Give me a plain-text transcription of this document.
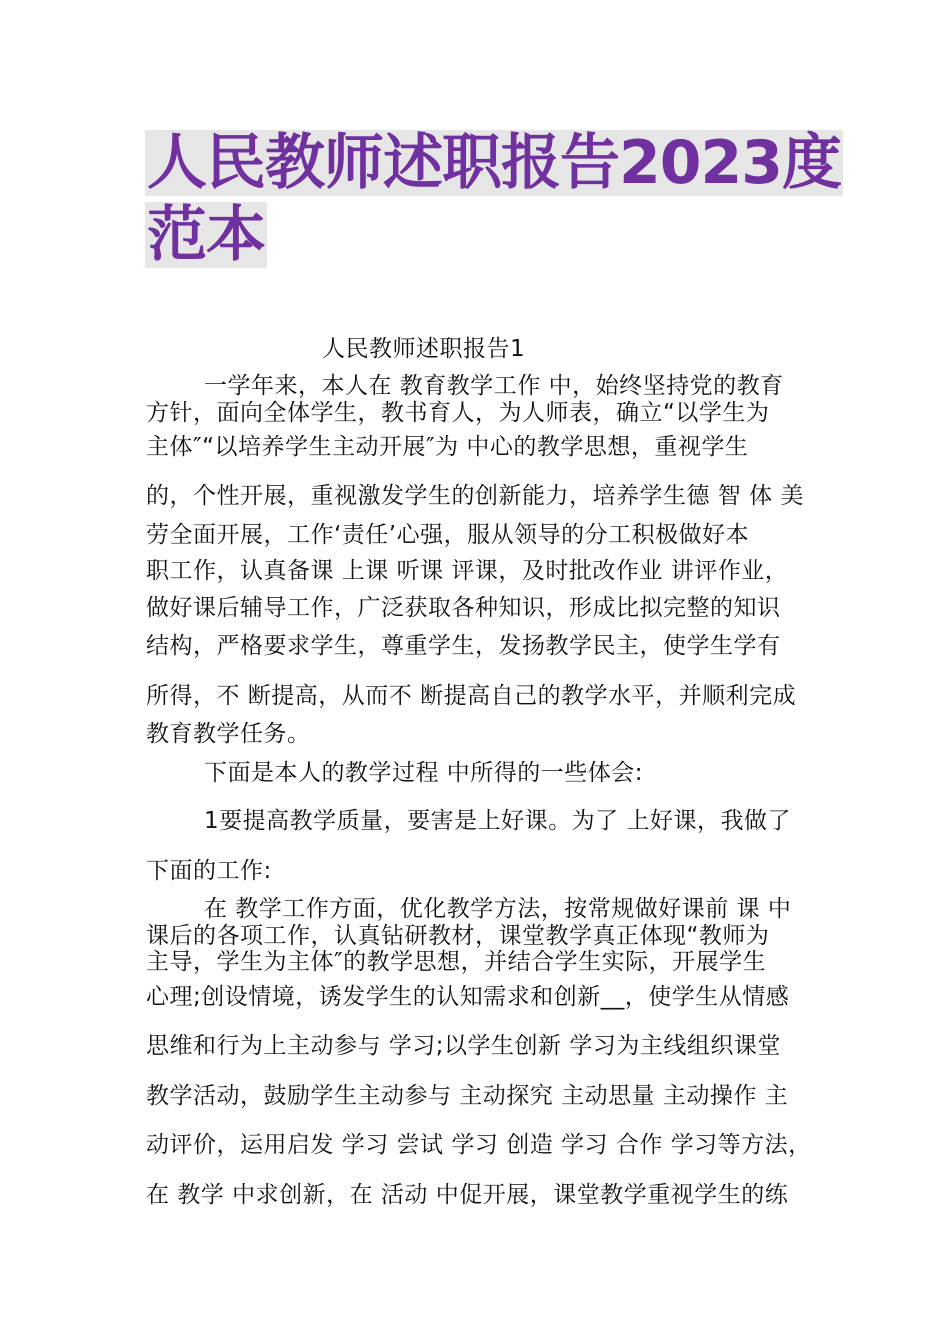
人民教师述职报告2023度
范本
人民教师述职报告1
一学年来，本人在 教育教学工作 中，始终坚持党的教育
方针，面向全体学生，教书育人，为人师表，确立“以学生为
主体″“以培养学生主动开展″为 中心的教学思想，重视学生
的，个性开展，重视激发学生的创新能力，培养学生德 智 体 美
劳全面开展，工作‘责任’心强，服从领导的分工积极做好本
职工作，认真备课 上课 听课 评课，及时批改作业 讲评作业，
做好课后辅导工作，广泛获取各种知识，形成比拟完整的知识
结构，严格要求学生，尊重学生，发扬教学民主，使学生学有
所得，不 断提高，从而不 断提高自己的教学水平，并顺利完成
教育教学任务。
下面是本人的教学过程 中所得的一些体会:
1要提高教学质量，要害是上好课。为了 上好课，我做了
下面的工作:
在 教学工作方面，优化教学方法，按常规做好课前 课 中
课后的各项工作，认真钻研教材，课堂教学真正体现“教师为
主导，学生为主体″的教学思想，并结合学生实际，开展学生
心理;创设情境，诱发学生的认知需求和创新__，使学生从情感
思维和行为上主动参与 学习;以学生创新 学习为主线组织课堂
教学活动，鼓励学生主动参与 主动探究 主动思量 主动操作 主
动评价，运用启发 学习 尝试 学习 创造 学习 合作 学习等方法，
在 教学 中求创新，在 活动 中促开展，课堂教学重视学生的练
